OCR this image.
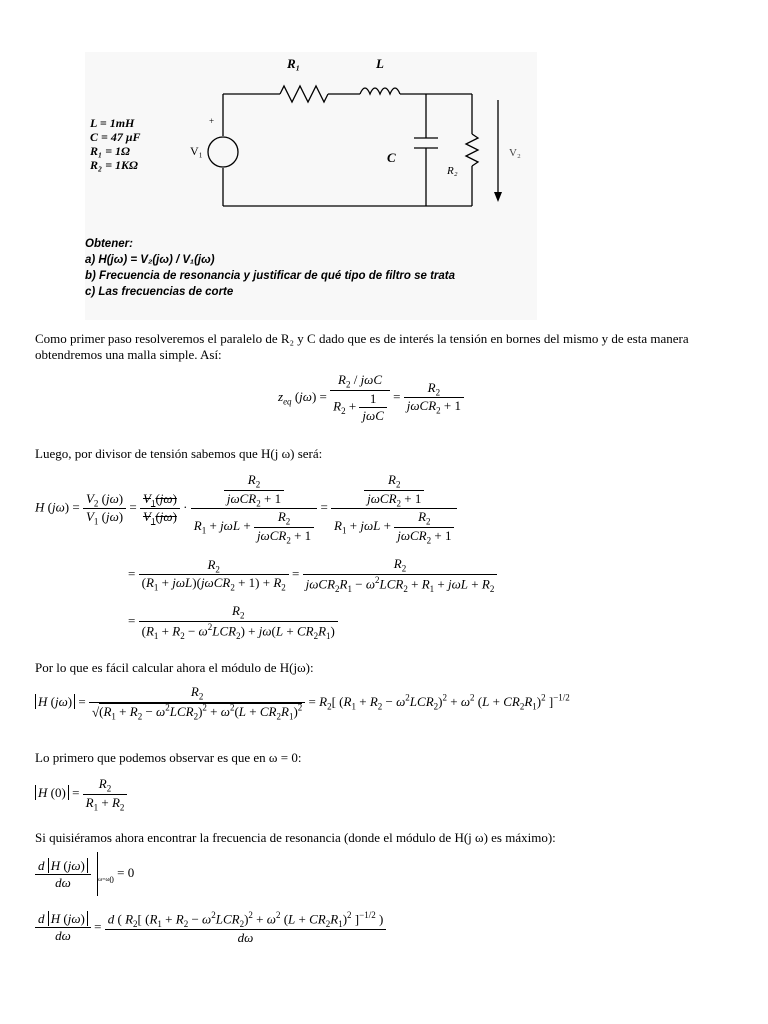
R₁	L
C
R₂
V₁	V₂
+
L = 1mH
C = 47 μF
R₁ = 1Ω
R₂ = 1KΩ
Obtener:
a) H(jω) = V₂(jω) / V₁(jω)
b) Frecuencia de resonancia y justificar de qué tipo de filtro se trata
c) Las frecuencias de corte
Como primer paso resolveremos el paralelo de R₂ y C dado que es de interés la tensión en bornes del mismo y de esta manera obtendremos una malla simple. Así:
$z_{eq}$ $(j\omega) = \frac{R_2 / j\omega C}{R_2 + \frac{1}{\text{jωC}}} = \frac{R_2}{j\omega CR_2 + 1}$
Luego, por divisor de tensión sabemos que H(j ω) será:
H $(j\omega) = \frac{V_2 (j\omega)}{V_1 (j\omega)} = \frac{V_1(j\omega)}{V_1(j\omega)} \cdot \frac{\frac{R_2}{j\omega CR_2 + 1}}{R_1 + j\omega L + \frac{R_2}{j\omega CR_2 + 1}} = \frac{\frac{R_2}{j\omega CR_2 + 1}}{R_1 + j\omega L + \frac{R_2}{j\omega CR_2 + 1}}$
= $\frac{R_2}{(R_1 + j\omega L)(j\omega CR_2 + 1) + R_2} = \frac{R_2}{j\omega CR_2R_1 - \omega^2LCR_2 + R_1 + j\omega L + R_2}$
= $\frac{R_2}{(R_1 + R_2 - \omega^2LCR_2) + j\omega(L + CR_2R_1)}$
Por lo que es fácil calcular ahora el módulo de H(jω):
H $(j\omega) = \frac{R_2}{√(R_1 + R_2 - \omega^2LCR_2)^2 + \omega^2(L + CR_2R_1)^2} = R_2$[ $(R_1 + R_2 - \omega^2LCR_2)^2 + \omega^2$ $(L + CR_2R_1)^2$ ]$^{-1/2}$
Lo primero que podemos observar es que en ω = 0:
H $(0) = \frac{R_2}{R_1 + R_2}$
Si quisiéramos ahora encontrar la frecuencia de resonancia (donde el módulo de H(j ω) es máximo):
$\frac{\text{d H (jω)}}{d\omega} _{\omega=\omega_0} = 0$
$\frac{\text{d H (jω)}}{d\omega} = \frac{d ( R_2[ (R_1 + R_2 - \omega^2LCR_2)^2 + \omega^2 (L + CR_2R_1)^2 ]^{-1/2} )}{d\omega}$
